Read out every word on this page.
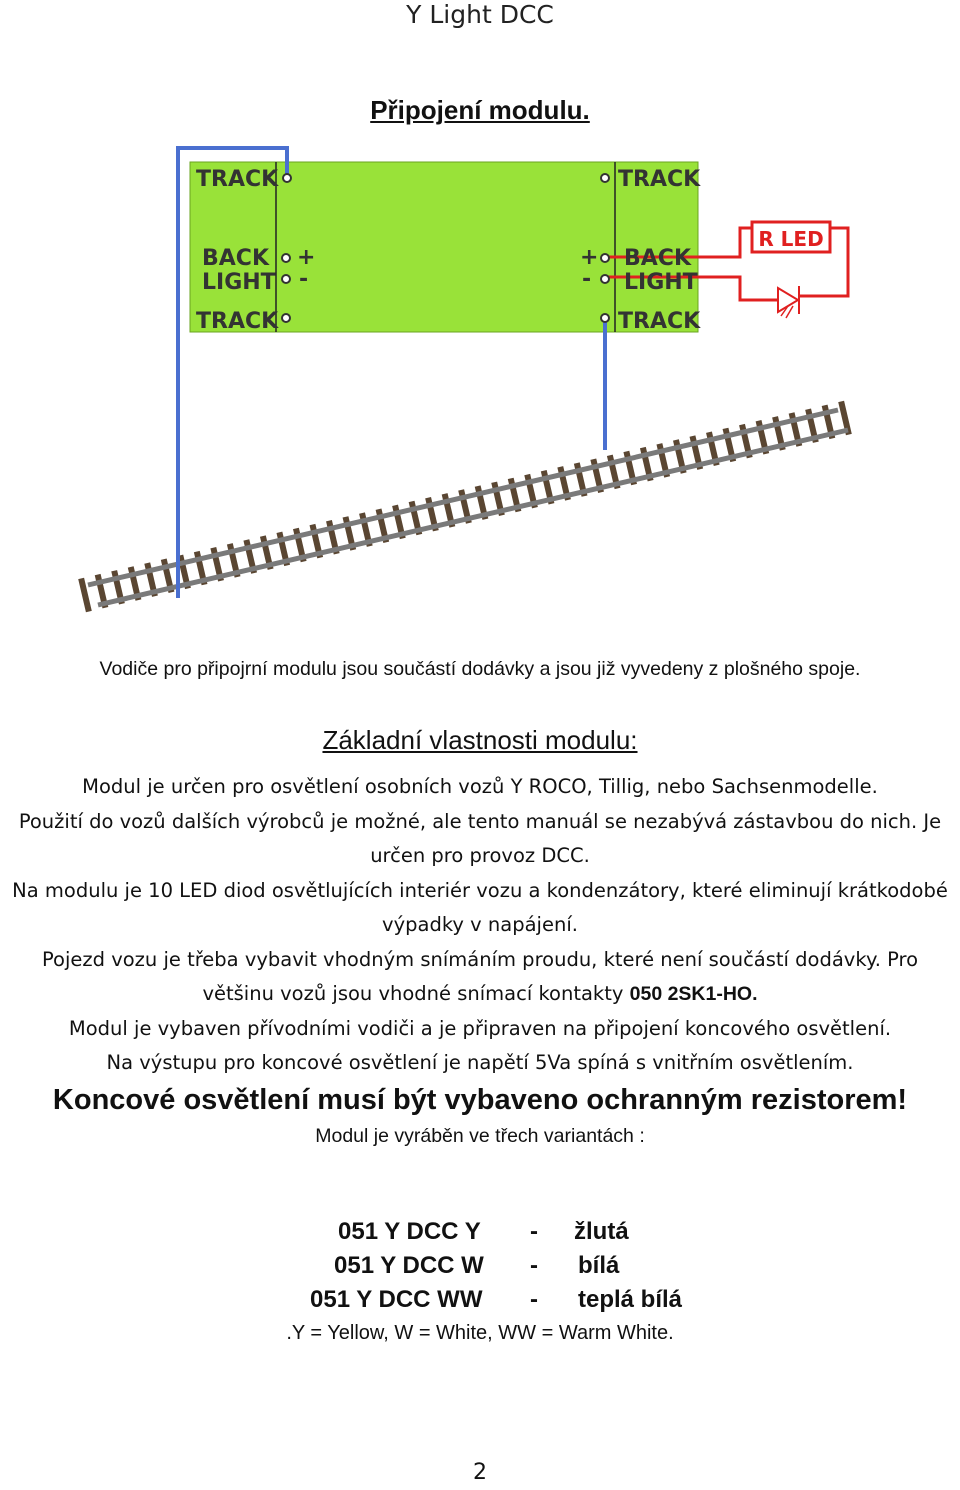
Y Light DCC
Připojení modulu.
R LED
TRACK
BACK
LIGHT
TRACK
+
-
TRACK
BACK
LIGHT
TRACK
+
-
Vodiče pro připojrní modulu jsou součástí dodávky a jsou již vyvedeny z plošného spoje.
Základní vlastnosti modulu:

Modul je určen pro osvětlení osobních vozů Y ROCO, Tillig, nebo Sachsenmodelle.

Použití do vozů dalších výrobců je možné, ale tento manuál se nezabývá zástavbou do nich. Je určen pro provoz DCC.

Na modulu je 10 LED diod osvětlujících interiér vozu a kondenzátory, které eliminují krátkodobé výpadky v napájení.

Pojezd vozu je třeba vybavit vhodným snímáním proudu, které není součástí dodávky. Pro většinu vozů jsou vhodné snímací kontakty 050 2SK1-HO.

Modul je vybaven přívodními vodiči a je připraven na připojení koncového osvětlení.

Na výstupu pro koncové osvětlení je napětí 5Va spíná s vnitřním osvětlením.

Koncové osvětlení musí být vybaveno ochranným rezistorem!

Modul je vyráběn ve třech variantách :

051 Y DCC Y - žlutá
051 Y DCC W - bílá
051 Y DCC WW - teplá bílá
.Y = Yellow, W = White, WW = Warm White.
2
